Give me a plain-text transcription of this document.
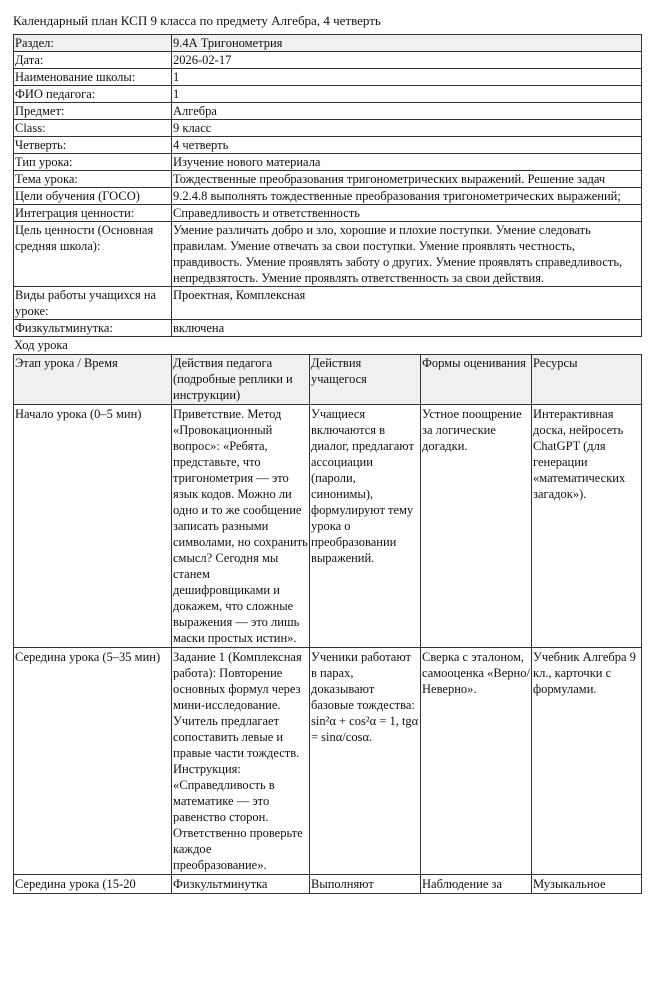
Календарный план КСП 9 класса по предмету Алгебра, 4 четверть
Раздел:	9.4А Тригонометрия
Дата:	2026-02-17
Наименование школы:	1
ФИО педагога:	1
Предмет:	Алгебра
Class:	9 класс
Четверть:	4 четверть
Тип урока:	Изучение нового материала
Тема урока:	Тождественные преобразования тригонометрических выражений. Решение задач
Цели обучения (ГОСО)	9.2.4.8 выполнять тождественные преобразования тригонометрических выражений;
Интеграция ценности:	Справедливость и ответственность
Цель ценности (Основная средняя школа):	Умение различать добро и зло, хорошие и плохие поступки. Умение следовать правилам. Умение отвечать за свои поступки. Умение проявлять честность, правдивость. Умение проявлять заботу о других. Умение проявлять справедливость, непредвзятость. Умение проявлять ответственность за свои действия.
Виды работы учащихся на уроке:	Проектная, Комплексная
Физкультминутка:	включена
Ход урока
Этап урока / Время	Действия педагога (подробные реплики и инструкции)	Действия учащегося	Формы оценивания	Ресурсы
Начало урока (0–5 мин)	Приветствие. Метод «Провокационный вопрос»: «Ребята, представьте, что тригонометрия — это язык кодов. Можно ли одно и то же сообщение записать разными символами, но сохранить смысл? Сегодня мы станем дешифровщиками и докажем, что сложные выражения — это лишь маски простых истин».	Учащиеся включаются в диалог, предлагают ассоциации (пароли, синонимы), формулируют тему урока о преобразовании выражений.	Устное поощрение за логические догадки.	Интерактивная доска, нейросеть ChatGPT (для генерации «математических загадок»).
Середина урока (5–35 мин)	Задание 1 (Комплексная работа): Повторение основных формул через мини-исследование. Учитель предлагает сопоставить левые и правые части тождеств. Инструкция: «Справедливость в математике — это равенство сторон. Ответственно проверьте каждое преобразование».	Ученики работают в парах, доказывают базовые тождества: sin²α + cos²α = 1, tgα = sinα/cosα.	Сверка с эталоном, самооценка «Верно/Неверно».	Учебник Алгебра 9 кл., карточки с формулами.
Середина урока (15-20	Физкультминутка	Выполняют	Наблюдение за	Музыкальное
